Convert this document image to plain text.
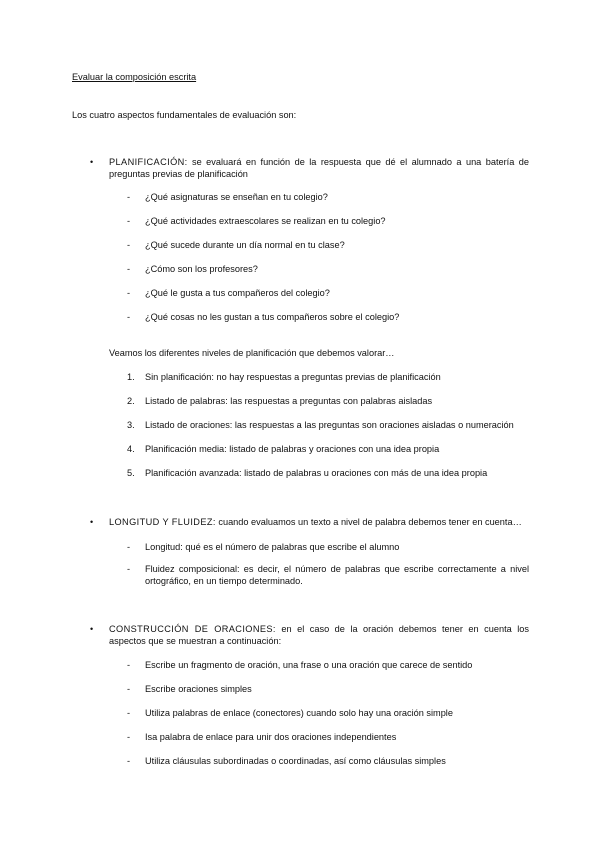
Evaluar la composición escrita
Los cuatro aspectos fundamentales de evaluación son:
• PLANIFICACIÓN: se evaluará en función de la respuesta que dé el alumnado a una batería de preguntas previas de planificación
- ¿Qué asignaturas se enseñan en tu colegio?
- ¿Qué actividades extraescolares se realizan en tu colegio?
- ¿Qué sucede durante un día normal en tu clase?
- ¿Cómo son los profesores?
- ¿Qué le gusta a tus compañeros del colegio?
- ¿Qué cosas no les gustan a tus compañeros sobre el colegio?
Veamos los diferentes niveles de planificación que debemos valorar…
1. Sin planificación: no hay respuestas a preguntas previas de planificación
2. Listado de palabras: las respuestas a preguntas con palabras aisladas
3. Listado de oraciones: las respuestas a las preguntas son oraciones aisladas o numeración
4. Planificación media: listado de palabras y oraciones con una idea propia
5. Planificación avanzada: listado de palabras u oraciones con más de una idea propia
• LONGITUD Y FLUIDEZ: cuando evaluamos un texto a nivel de palabra debemos tener en cuenta…
- Longitud: qué es el número de palabras que escribe el alumno
- Fluidez composicional: es decir, el número de palabras que escribe correctamente a nivel ortográfico, en un tiempo determinado.
• CONSTRUCCIÓN DE ORACIONES: en el caso de la oración debemos tener en cuenta los aspectos que se muestran a continuación:
- Escribe un fragmento de oración, una frase o una oración que carece de sentido
- Escribe oraciones simples
- Utiliza palabras de enlace (conectores) cuando solo hay una oración simple
- Isa palabra de enlace para unir dos oraciones independientes
- Utiliza cláusulas subordinadas o coordinadas, así como cláusulas simples
